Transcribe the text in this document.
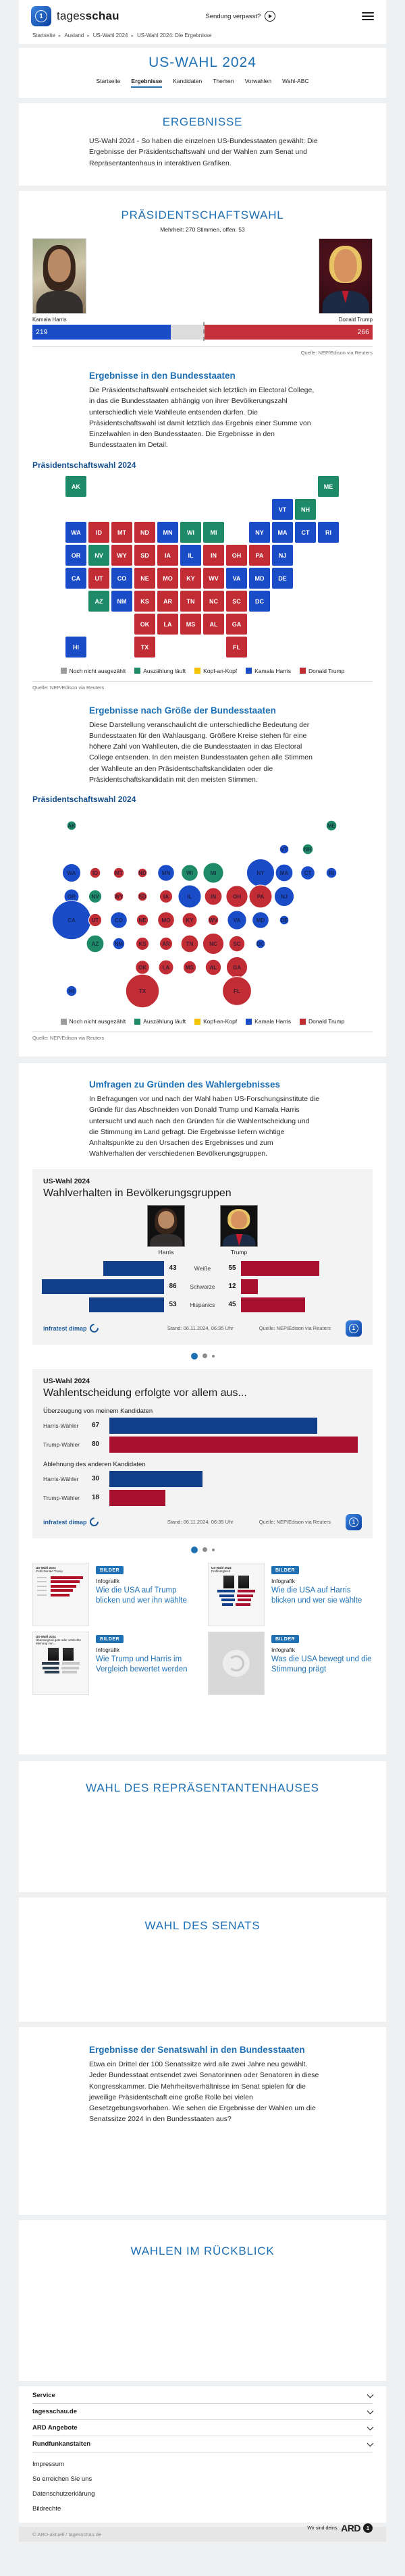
1
tagesschau	Sendung verpasst?
Startseite ▸ Ausland ▸ US-Wahl 2024 ▸ US-Wahl 2024: Die Ergebnisse
US-WAHL 2024
Startseite Ergebnisse Kandidaten Themen Vorwahlen Wahl-ABC
ERGEBNISSE

US-Wahl 2024 - So haben die einzelnen US-Bundesstaaten gewählt: Die Ergebnisse der Präsidentschaftswahl und der Wahlen zum Senat und Repräsentantenhaus in interaktiven Grafiken.

PRÄSIDENTSCHAFTSWAHL
Mehrheit: 270 Stimmen, offen: 53
Kamala Harris	Donald Trump
219	266
Quelle: NEP/Edison via Reuters
Ergebnisse in den Bundesstaaten

Die Präsidentschaftswahl entscheidet sich letztlich im Electoral College, in das die Bundesstaaten abhängig von ihrer Bevölkerungszahl unterschiedlich viele Wahlleute entsenden dürfen. Die Präsidentschaftswahl ist damit letztlich das Ergebnis einer Summe von Einzelwahlen in den Bundesstaaten. Die Ergebnisse in den Bundesstaaten im Detail.

Präsidentschaftswahl 2024
AK	ME
VT NH
WA ID	MT ND MN WI	MI	NY MA CT	RI
OR NV WY SD	IA	IL	IN	OH PA NJ
CA UT CO NE MO KY WV VA MD DE
AZ NM KS AR TN NC SC DC
OK LA MS AL GA
HI	TX	FL
Noch nicht ausgezählt	Auszählung läuft	Kopf-an-Kopf	Kamala Harris	Donald Trump
Quelle: NEP/Edison via Reuters
Ergebnisse nach Größe der Bundesstaaten

Diese Darstellung veranschaulicht die unterschiedliche Bedeutung der Bundesstaaten für den Wahlausgang. Größere Kreise stehen für eine höhere Zahl von Wahlleuten, die die Bundesstaaten in das Electoral College entsenden. In den meisten Bundesstaaten gehen alle Stimmen der Wahlleute an den Präsidentschaftskandidaten oder die Präsidentschaftskandidatin mit den meisten Stimmen.

Präsidentschaftswahl 2024
AK	ME
VT	NH
WA	ID	MT	ND	MN	WI	MI	NY	MA	CT	RI
OR	NV	WY	SD	IA	IL	IN	OH	PA	NJ
CA	UT	CO	NE	MO	KY	WV	VA	MD	DE
AZ	NM	KS	AR	TN	NC	SC	DC
OK	LA	MS	AL	GA
HI	TX	FL
Noch nicht ausgezählt	Auszählung läuft	Kopf-an-Kopf	Kamala Harris	Donald Trump
Quelle: NEP/Edison via Reuters
Umfragen zu Gründen des Wahlergebnisses

In Befragungen vor und nach der Wahl haben US-Forschungsinstitute die Gründe für das Abschneiden von Donald Trump und Kamala Harris untersucht und auch nach den Gründen für die Wahlentscheidung und die Stimmung im Land gefragt. Die Ergebnisse liefern wichtige Anhaltspunkte zu den Ursachen des Ergebnisses und zum Wahlverhalten der verschiedenen Bevölkerungsgruppen.

US-Wahl 2024
Wahlverhalten in Bevölkerungsgruppen
Harris	Trump
43	Weiße	55
86	Schwarze	12
53	Hispanics	45
infratest dimap	Stand: 06.11.2024, 06:35 Uhr	Quelle: NEP/Edison via Reuters
1
US-Wahl 2024
Wahlentscheidung erfolgte vor allem aus...
Überzeugung von meinem Kandidaten
Harris-Wähler	67
Trump-Wähler	80
Ablehnung des anderen Kandidaten
Harris-Wähler	30
Trump-Wähler	18
infratest dimap	Stand: 06.11.2024, 06:35 Uhr	Quelle: NEP/Edison via Reuters
1
US-Wahl 2024
Profil Donald Trump	BILDER
Infografik
Wie die USA auf Trump blicken und wer ihn wählte
US-Wahl 2024
Profilvergleich	BILDER
Infografik
Wie die USA auf Harris blicken und wer sie wählte
US-Wahl 2024
Überwiegend gute oder schlechte Meinung von...
BILDER
Infografik
Wie Trump und Harris im Vergleich bewertet werden
BILDER
Infografik
Was die USA bewegt und die Stimmung prägt
WAHL DES REPRÄSENTANTENHAUSES
WAHL DES SENATS
Ergebnisse der Senatswahl in den Bundesstaaten

Etwa ein Drittel der 100 Senatssitze wird alle zwei Jahre neu gewählt. Jeder Bundesstaat entsendet zwei Senatorinnen oder Senatoren in diese Kongresskammer. Die Mehrheitsverhältnisse im Senat spielen für die jeweilige Präsidentschaft eine große Rolle bei vielen Gesetzgebungsvorhaben. Wie sehen die Ergebnisse der Wahlen um die Senatssitze 2024 in den Bundesstaaten aus?

WAHLEN IM RÜCKBLICK
Service
tagesschau.de
ARD Angebote
Rundfunkanstalten
Impressum
So erreichen Sie uns
Datenschutzerklärung
Bildrechte
Wir sind deins. ARD	1
© ARD-aktuell / tagesschau.de
